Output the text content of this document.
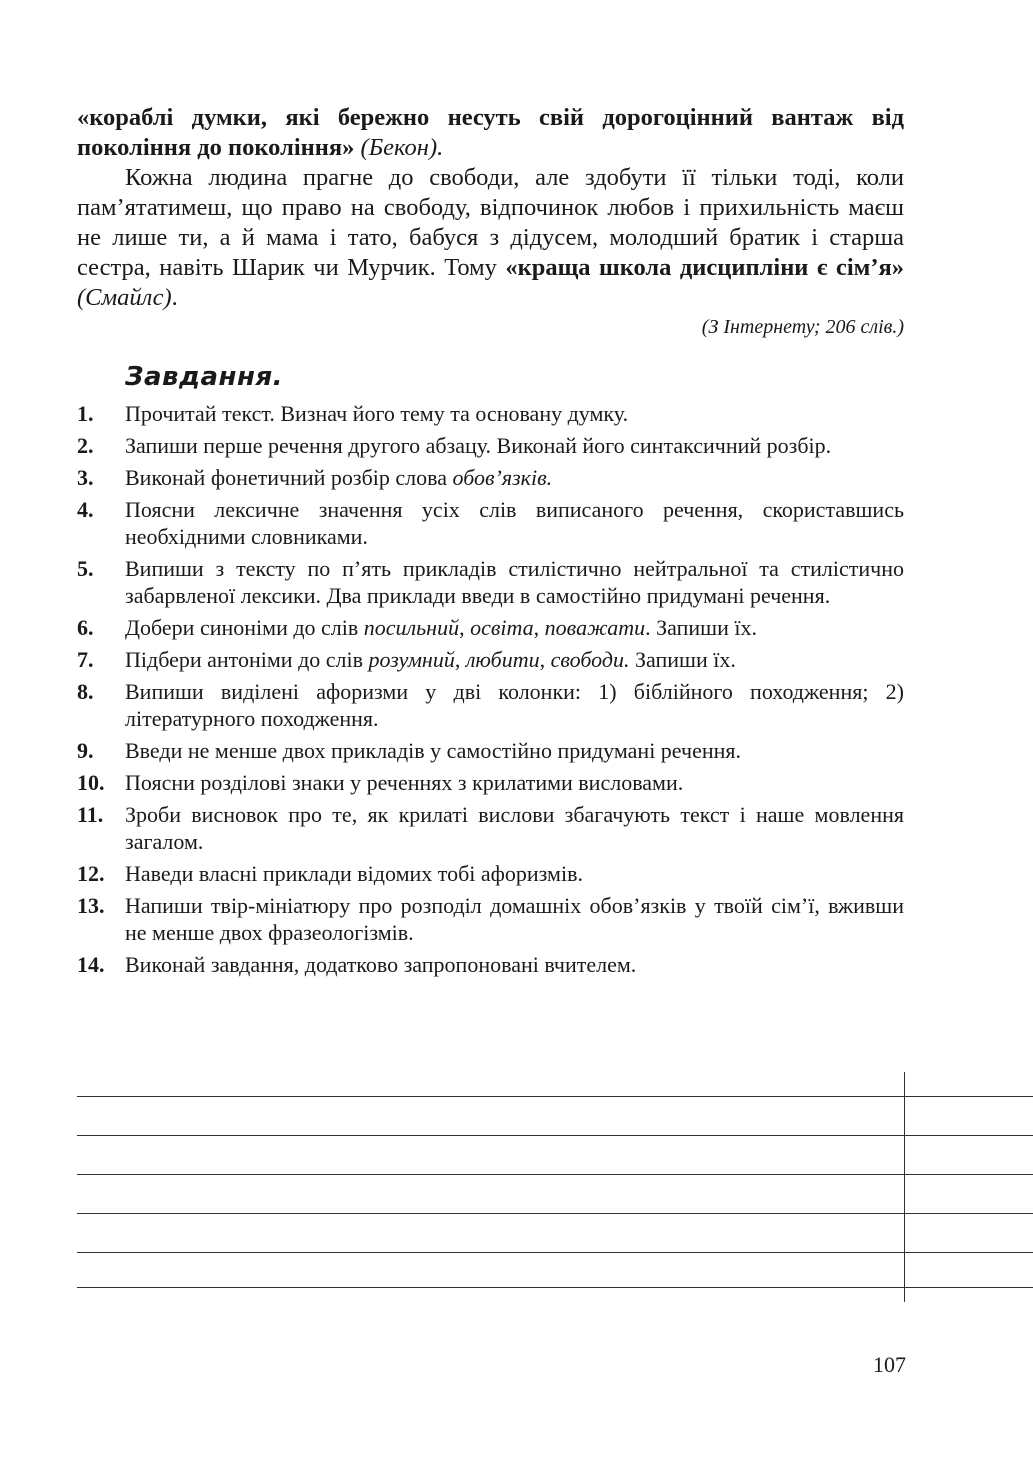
«кораблі думки, які бережно несуть свій дорогоцінний вантаж від покоління до покоління» (Бекон).

Кожна людина прагне до свободи, але здобути її тільки тоді, коли пам’ятатимеш, що право на свободу, відпочинок любов і прихильність маєш не лише ти, а й мама і тато, бабуся з дідусем, молодший братик і старша сестра, навіть Шарик чи Мурчик. Тому «краща школа дисципліни є сім’я» (Смайлс).

(З Інтернету; 206 слів.)
Завдання.
1.	Прочитай текст. Визнач його тему та основану думку.
2.	Запиши перше речення другого абзацу. Виконай його синтаксичний розбір.
3.	Виконай фонетичний розбір слова обов’язків.
4.	Поясни лексичне значення усіх слів виписаного речення, скориставшись необхідними словниками.
5.	Випиши з тексту по п’ять прикладів стилістично нейтральної та стилістично забарвленої лексики. Два приклади введи в самостійно придумані речення.
6.	Добери синоніми до слів посильний, освіта, поважати. Запиши їх.
7.	Підбери антоніми до слів розумний, любити, свободи. Запиши їх.
8.	Випиши виділені афоризми у дві колонки: 1) біблійного походження; 2) літературного походження.
9.	Введи не менше двох прикладів у самостійно придумані речення.
10. Поясни розділові знаки у реченнях з крилатими висловами.
11. Зроби висновок про те, як крилаті вислови збагачують текст і наше мовлення загалом.
12. Наведи власні приклади відомих тобі афоризмів.
13. Напиши твір-мініатюру про розподіл домашніх обов’язків у твоїй сім’ї, вживши не менше двох фразеологізмів.
14. Виконай завдання, додатково запропоновані вчителем.
107
